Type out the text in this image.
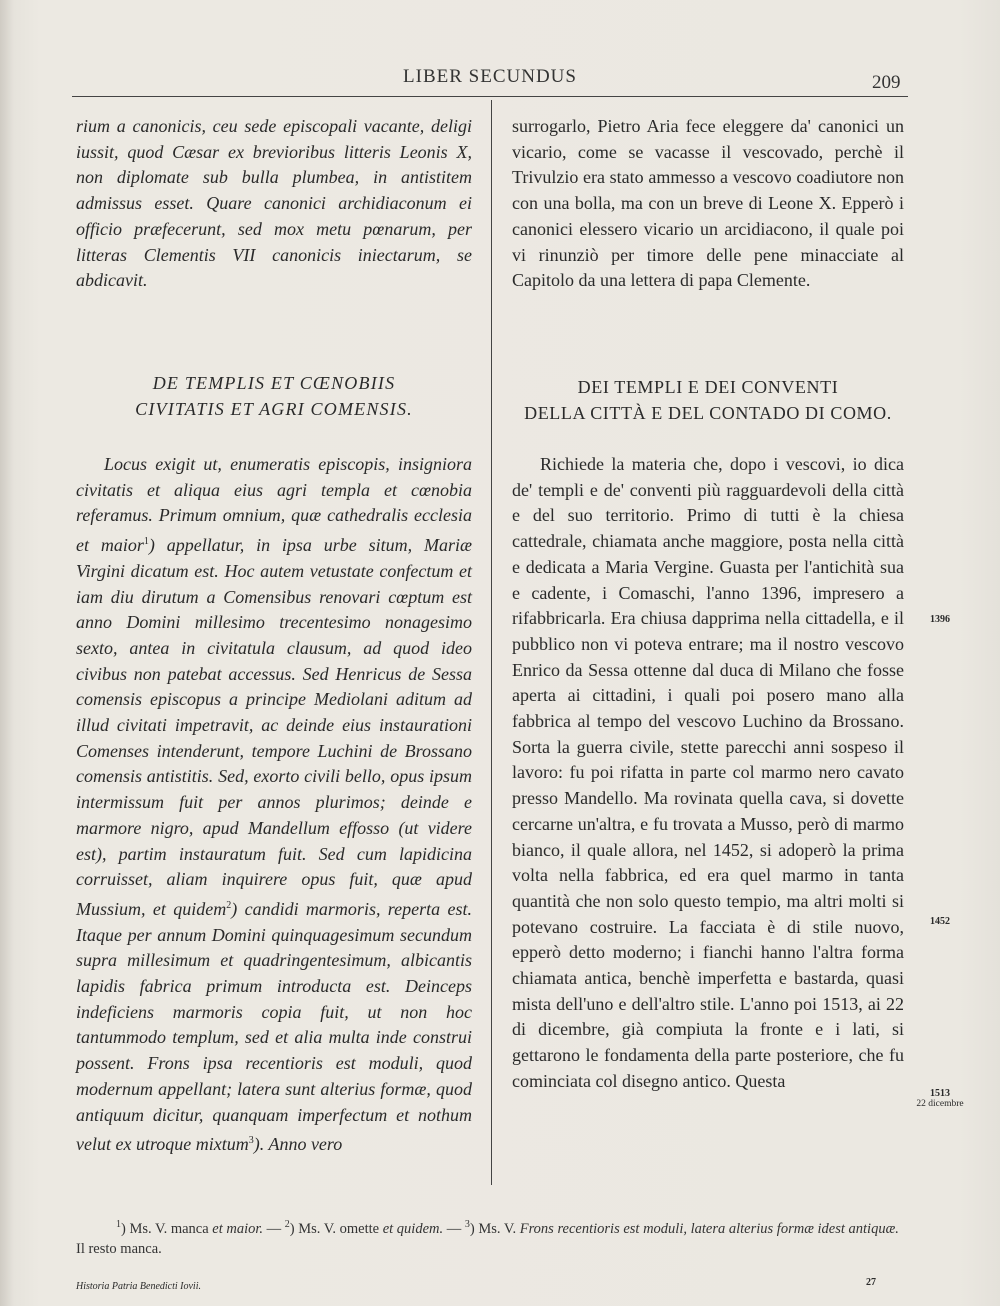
LIBER SECUNDUS	209

rium a canonicis, ceu sede episcopali vacante, deligi iussit, quod Cæsar ex brevioribus litteris Leonis X, non diplomate sub bulla plumbea, in antistitem admissus esset. Quare canonici archidiaconum ei officio præfecerunt, sed mox metu pœnarum, per litteras Clementis VII canonicis iniectarum, se abdicavit.

DE TEMPLIS ET CŒNOBIIS
CIVITATIS ET AGRI COMENSIS.

Locus exigit ut, enumeratis episcopis, insigniora civitatis et aliqua eius agri templa et cœnobia referamus. Primum omnium, quæ cathedralis ecclesia et maior$^1$) appellatur, in ipsa urbe situm, Mariæ Virgini dicatum est. Hoc autem vetustate confectum et iam diu dirutum a Comensibus renovari cœptum est anno Domini millesimo trecentesimo nonagesimo sexto, antea in civitatula clausum, ad quod ideo civibus non patebat accessus. Sed Henricus de Sessa comensis episcopus a principe Mediolani aditum ad illud civitati impetravit, ac deinde eius instaurationi Comenses intenderunt, tempore Luchini de Brossano comensis antistitis. Sed, exorto civili bello, opus ipsum intermissum fuit per annos plurimos; deinde e marmore nigro, apud Mandellum effosso (ut videre est), partim instauratum fuit. Sed cum lapidicina corruisset, aliam inquirere opus fuit, quæ apud Mussium, et quidem$^2$) candidi marmoris, reperta est. Itaque per annum Domini quinquagesimum secundum supra millesimum et quadringentesimum, albicantis lapidis fabrica primum introducta est. Deinceps indeficiens marmoris copia fuit, ut non hoc tantummodo templum, sed et alia multa inde construi possent. Frons ipsa recentioris est moduli, quod modernum appellant; latera sunt alterius formæ, quod antiquum dicitur, quanquam imperfectum et nothum velut ex utroque mixtum$^3$). Anno vero

surrogarlo, Pietro Aria fece eleggere da' canonici un vicario, come se vacasse il vescovado, perchè il Trivulzio era stato ammesso a vescovo coadiutore non con una bolla, ma con un breve di Leone X. Epperò i canonici elessero vicario un arcidiacono, il quale poi vi rinunziò per timore delle pene minacciate al Capitolo da una lettera di papa Clemente.

DEI TEMPLI E DEI CONVENTI
DELLA CITTÀ E DEL CONTADO DI COMO.

Richiede la materia che, dopo i vescovi, io dica de' templi e de' conventi più ragguardevoli della città e del suo territorio. Primo di tutti è la chiesa cattedrale, chiamata anche maggiore, posta nella città e dedicata a Maria Vergine. Guasta per l'antichità sua e cadente, i Comaschi, l'anno 1396, impresero a rifabbricarla. Era chiusa dapprima nella cittadella, e il pubblico non vi poteva entrare; ma il nostro vescovo Enrico da Sessa ottenne dal duca di Milano che fosse aperta ai cittadini, i quali poi posero mano alla fabbrica al tempo del vescovo Luchino da Brossano. Sorta la guerra civile, stette parecchi anni sospeso il lavoro: fu poi rifatta in parte col marmo nero cavato presso Mandello. Ma rovinata quella cava, si dovette cercarne un'altra, e fu trovata a Musso, però di marmo bianco, il quale allora, nel 1452, si adoperò la prima volta nella fabbrica, ed era quel marmo in tanta quantità che non solo questo tempio, ma altri molti si potevano costruire. La facciata è di stile nuovo, epperò detto moderno; i fianchi hanno l'altra forma chiamata antica, benchè imperfetta e bastarda, quasi mista dell'uno e dell'altro stile. L'anno poi 1513, ai 22 di dicembre, già compiuta la fronte e i lati, si gettarono le fondamenta della parte posteriore, che fu cominciata col disegno antico. Questa

1396
1452
1513
22 dicembre
$^1$) Ms. V. manca et maior. — $^2$) Ms. V. omette et quidem. — $^3$) Ms. V. Frons recentioris est moduli, latera alterius formæ idest antiquæ. Il resto manca.
Historia Patria Benedicti Iovii.	27
